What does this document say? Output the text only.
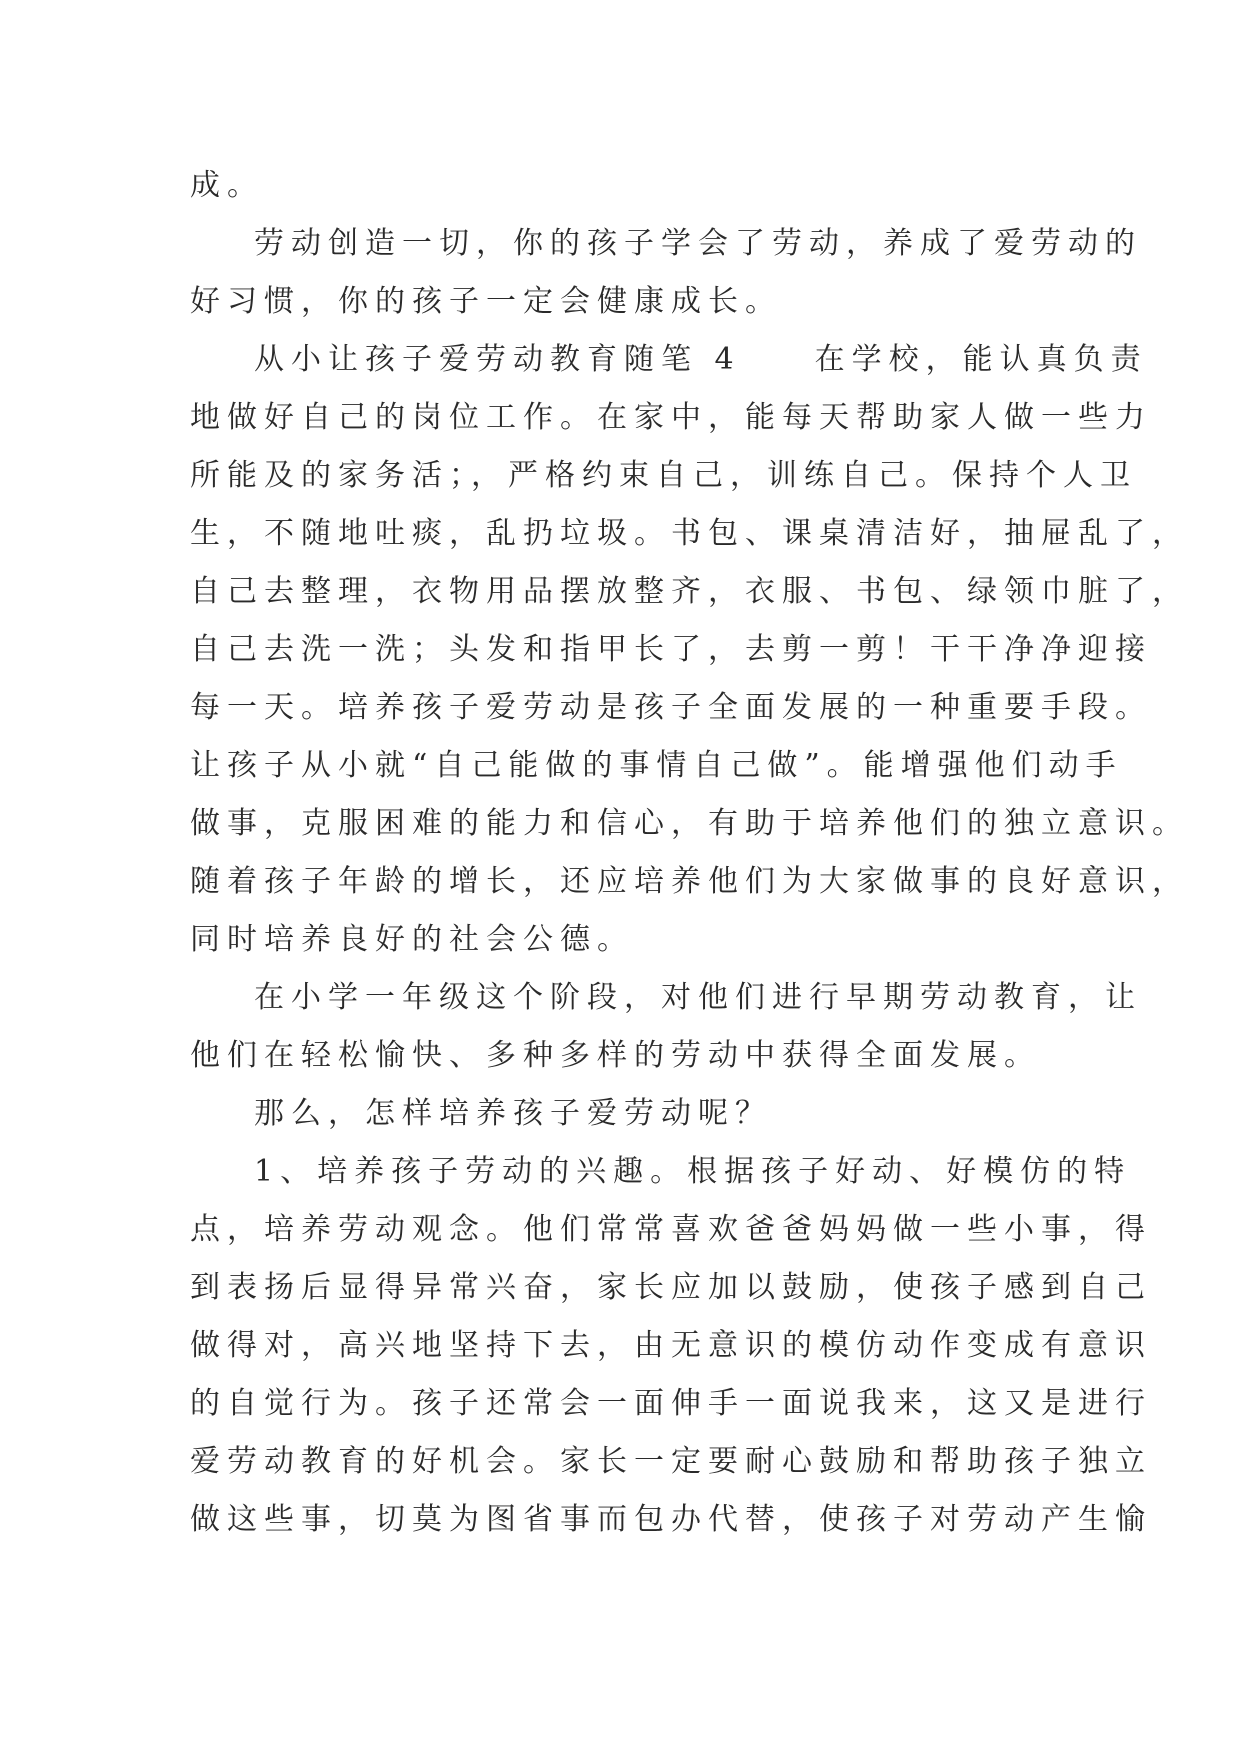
成。
劳动创造一切，你的孩子学会了劳动，养成了爱劳动的
好习惯，你的孩子一定会健康成长。
从小让孩子爱劳动教育随笔 4　　在学校，能认真负责
地做好自己的岗位工作。在家中，能每天帮助家人做一些力
所能及的家务活；，严格约束自己，训练自己。保持个人卫
生，不随地吐痰，乱扔垃圾。书包、课桌清洁好，抽屉乱了，
自己去整理，衣物用品摆放整齐，衣服、书包、绿领巾脏了，
自己去洗一洗；头发和指甲长了，去剪一剪！干干净净迎接
每一天。培养孩子爱劳动是孩子全面发展的一种重要手段。
让孩子从小就“自己能做的事情自己做”。能增强他们动手
做事，克服困难的能力和信心，有助于培养他们的独立意识。
随着孩子年龄的增长，还应培养他们为大家做事的良好意识，
同时培养良好的社会公德。
在小学一年级这个阶段，对他们进行早期劳动教育，让
他们在轻松愉快、多种多样的劳动中获得全面发展。
那么，怎样培养孩子爱劳动呢？
1、培养孩子劳动的兴趣。根据孩子好动、好模仿的特
点，培养劳动观念。他们常常喜欢爸爸妈妈做一些小事，得
到表扬后显得异常兴奋，家长应加以鼓励，使孩子感到自己
做得对，高兴地坚持下去，由无意识的模仿动作变成有意识
的自觉行为。孩子还常会一面伸手一面说我来，这又是进行
爱劳动教育的好机会。家长一定要耐心鼓励和帮助孩子独立
做这些事，切莫为图省事而包办代替，使孩子对劳动产生愉
